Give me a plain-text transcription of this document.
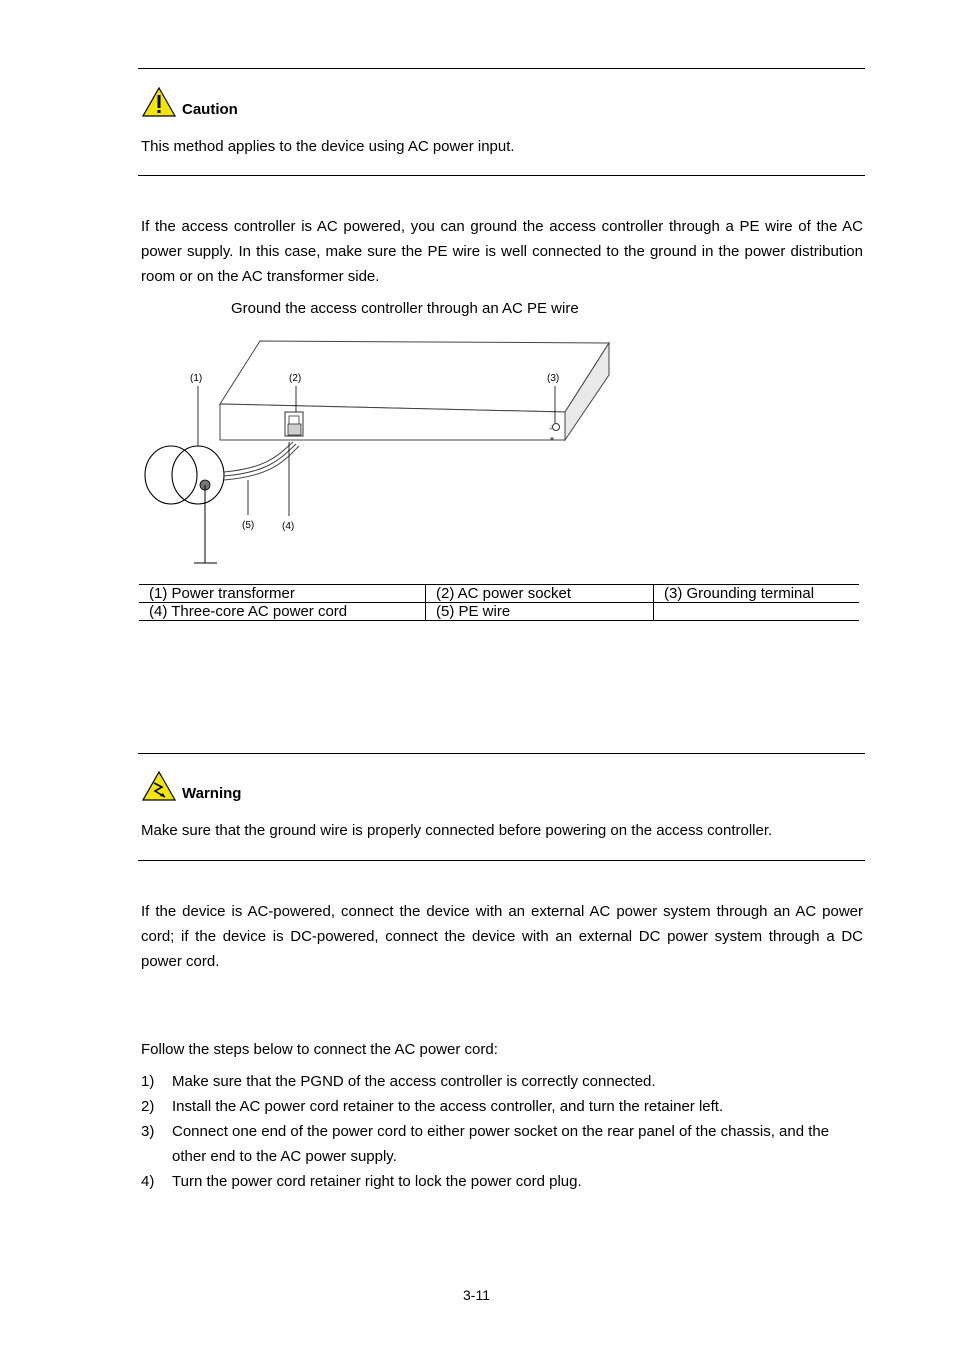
Caution
This method applies to the device using AC power input.
If the access controller is AC powered, you can ground the access controller through a PE wire of the AC power supply. In this case, make sure the PE wire is well connected to the ground in the power distribution room or on the AC transformer side.
Ground the access controller through an AC PE wire
⏚
(1)	(2)	(3)
(5)	(4)
(1) Power transformer	(2) AC power socket	(3) Grounding terminal
(4) Three-core AC power cord	(5) PE wire	
Warning
Make sure that the ground wire is properly connected before powering on the access controller.
If the device is AC-powered, connect the device with an external AC power system through an AC power cord; if the device is DC-powered, connect the device with an external DC power system through a DC power cord.
Follow the steps below to connect the AC power cord:
1) Make sure that the PGND of the access controller is correctly connected.
2) Install the AC power cord retainer to the access controller, and turn the retainer left.
3) Connect one end of the power cord to either power socket on the rear panel of the chassis, and the other end to the AC power supply.
4) Turn the power cord retainer right to lock the power cord plug.
3-11
